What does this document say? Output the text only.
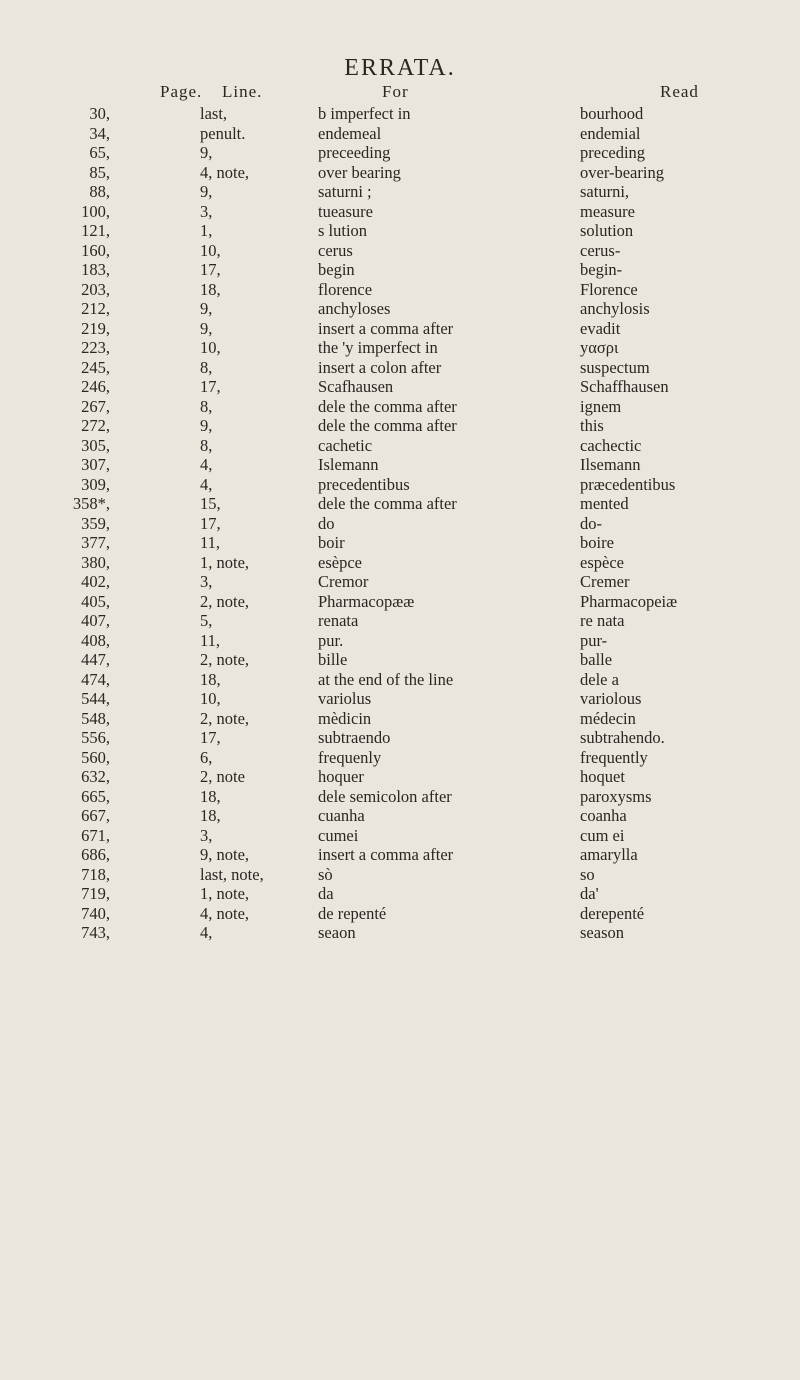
ERRATA.
Page. Line.	For	Read
30,	last,	b imperfect in	bourhood
34,	penult.	endemeal	endemial
65,	9,	preceeding	preceding
85,	4, note,	over bearing	over-bearing
88,	9,	saturni ;	saturni,
100,	3,	tueasure	measure
121,	1,	s lution	solution
160,	10,	cerus	cerus-
183,	17,	begin	begin-
203,	18,	florence	Florence
212,	9,	anchyloses	anchylosis
219,	9,	insert a comma after	evadit
223,	10,	the 'y imperfect in	yασρι
245,	8,	insert a colon after	suspectum
246,	17,	Scafhausen	Schaffhausen
267,	8,	dele the comma after	ignem
272,	9,	dele the comma after	this
305,	8,	cachetic	cachectic
307,	4,	Islemann	Ilsemann
309,	4,	precedentibus	præcedentibus
358*,	15,	dele the comma after	mented
359,	17,	do	do-
377,	11,	boir	boire
380,	1, note,	esèpce	espèce
402,	3,	Cremor	Cremer
405,	2, note,	Pharmacopææ	Pharmacopeiæ
407,	5,	renata	re nata
408,	11,	pur.	pur-
447,	2, note,	bille	balle
474,	18,	at the end of the line	dele a
544,	10,	variolus	variolous
548,	2, note,	mèdicin	médecin
556,	17,	subtraendo	subtrahendo.
560,	6,	frequenly	frequently
632,	2, note	hoquer	hoquet
665,	18,	dele semicolon after	paroxysms
667,	18,	cuanha	coanha
671,	3,	cumei	cum ei
686,	9, note,	insert a comma after	amarylla
718,	last, note,	sò	so
719,	1, note,	da	da'
740,	4, note,	de repenté	derepenté
743,	4,	seaon	season
